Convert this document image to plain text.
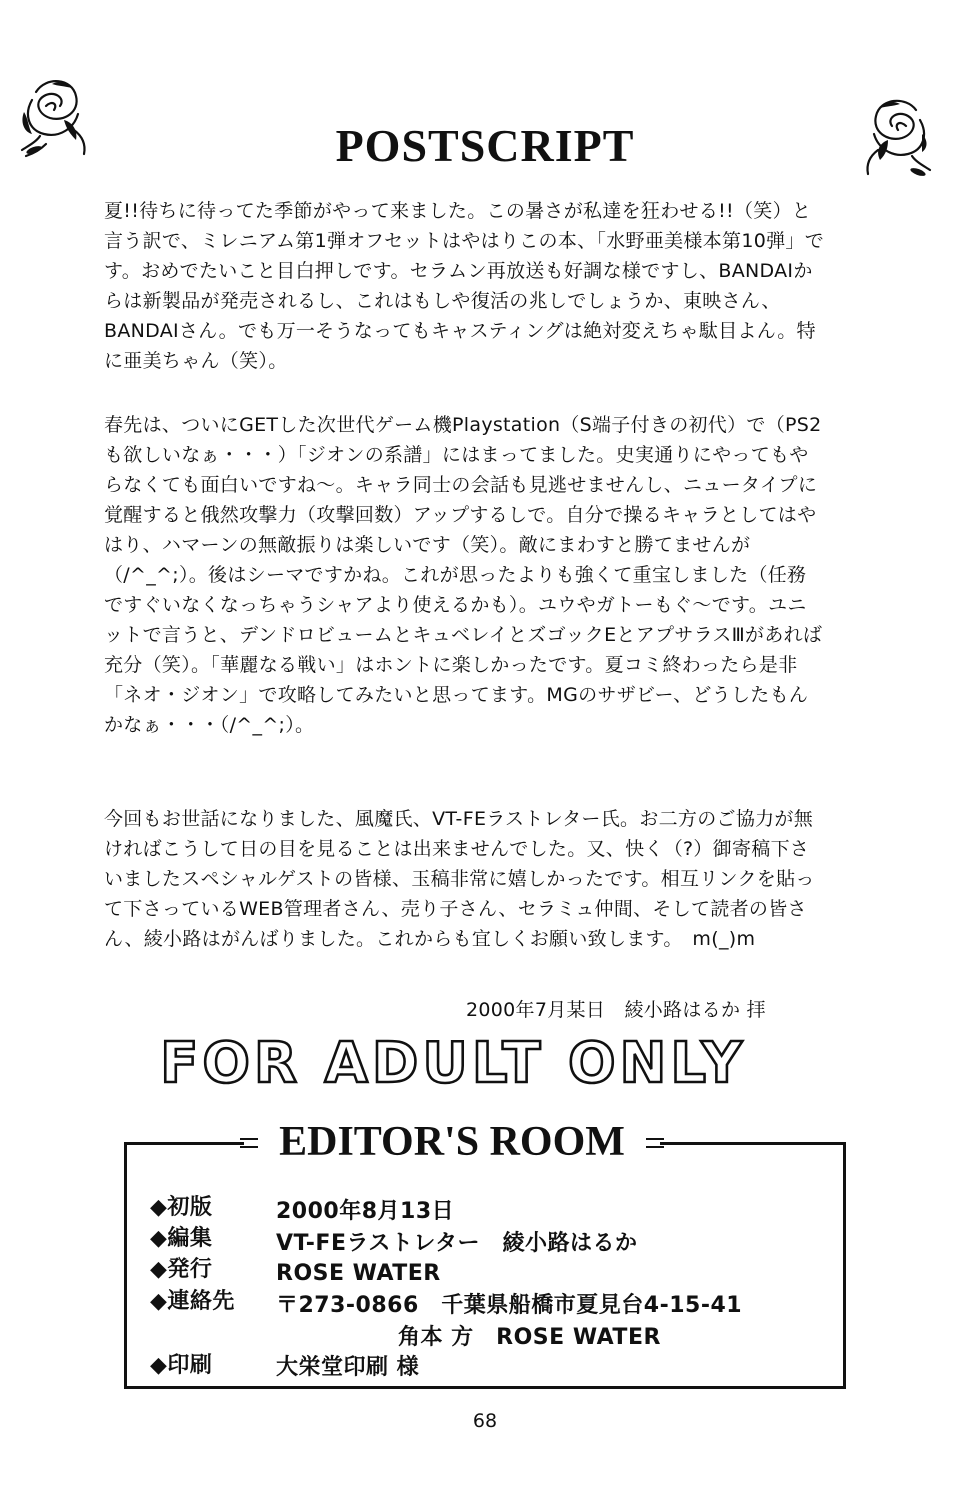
POSTSCRIPT

夏!!待ちに待ってた季節がやって来ました。この暑さが私達を狂わせる!!（笑）と言う訳で、ミレニアム第1弾オフセットはやはりこの本、「水野亜美様本第10弾」です。おめでたいこと目白押しです。セラムン再放送も好調な様ですし、BANDAIからは新製品が発売されるし、これはもしや復活の兆しでしょうか、東映さん、BANDAIさん。でも万一そうなってもキャスティングは絶対変えちゃ駄目よん。特に亜美ちゃん（笑）。

春先は、ついにGETした次世代ゲーム機Playstation（S端子付きの初代）で（PS2も欲しいなぁ・・・）「ジオンの系譜」にはまってました。史実通りにやってもやらなくても面白いですね～。キャラ同士の会話も見逃せませんし、ニュータイプに覚醒すると俄然攻撃力（攻撃回数）アップするしで。自分で操るキャラとしてはやはり、ハマーンの無敵振りは楽しいです（笑）。敵にまわすと勝てませんが（/^_^;）。後はシーマですかね。これが思ったよりも強くて重宝しました（任務ですぐいなくなっちゃうシャアより使えるかも）。ユウやガトーもぐ～です。ユニットで言うと、デンドロビュームとキュベレイとズゴックEとアプサラスⅢがあれば充分（笑）。「華麗なる戦い」はホントに楽しかったです。夏コミ終わったら是非「ネオ・ジオン」で攻略してみたいと思ってます。MGのサザビー、どうしたもんかなぁ・・・（/^_^;）。

今回もお世話になりました、風魔氏、VT-FEラストレター氏。お二方のご協力が無ければこうして日の目を見ることは出来ませんでした。又、快く（?）御寄稿下さいましたスペシャルゲストの皆様、玉稿非常に嬉しかったです。相互リンクを貼って下さっているWEB管理者さん、売り子さん、セラミュ仲間、そして読者の皆さん、綾小路はがんばりました。これからも宜しくお願い致します。　m(_)m

2000年7月某日　綾小路はるか 拝
FOR ADULT ONLY
EDITOR'S ROOM
◆初版	2000年8月13日
◆編集	VT-FEラストレター　綾小路はるか
◆発行	ROSE WATER
◆連絡先 〒273-0866　千葉県船橋市夏見台4-15-41
角本 方　ROSE WATER
◆印刷	大栄堂印刷 様
68
